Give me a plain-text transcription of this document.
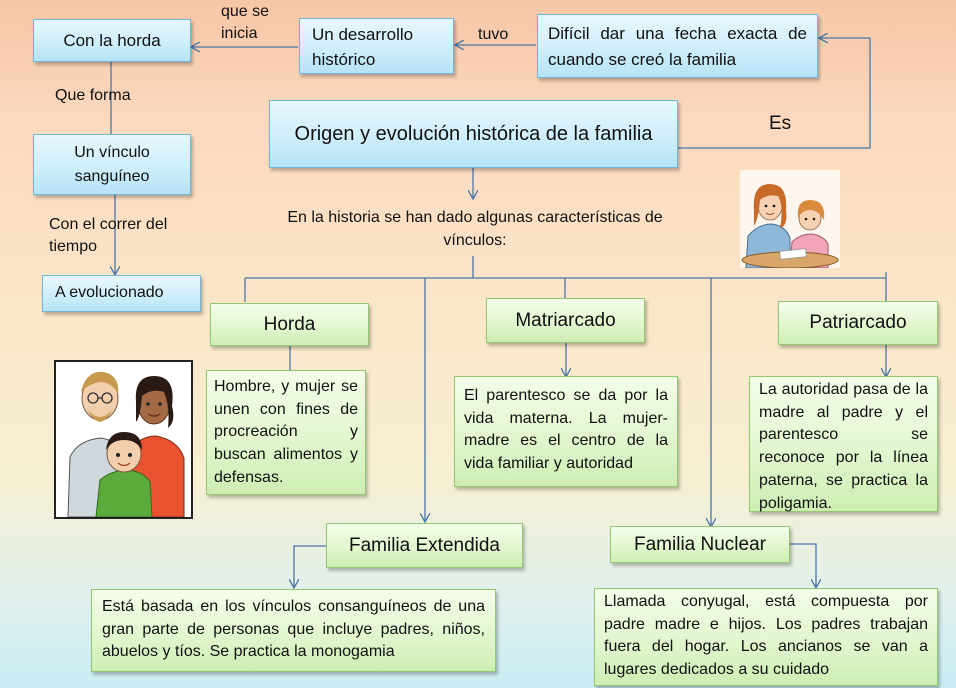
Con la horda	Un desarrollo histórico
Difícil dar una fecha exacta de cuando se creó la familia
que se inicia	tuvo
Origen y evolución histórica de la familia	Es
Que forma
Un vínculo sanguíneo
Con el correr del tiempo
A evolucionado
En la historia se han dado algunas características de vínculos:
Horda	Matriarcado	Patriarcado
Hombre, y mujer se unen con fines de procreación y buscan alimentos y defensas.
El parentesco se da por la vida materna. La mujer-madre es el centro de la vida familiar y autoridad
La autoridad pasa de la madre al padre y el parentesco se reconoce por la línea paterna, se practica la poligamia.
Familia Extendida	Familia Nuclear
Está basada en los vínculos consanguíneos de una gran parte de personas que incluye padres, niños, abuelos y tíos. Se practica la monogamia
Llamada conyugal, está compuesta por padre madre e hijos. Los padres trabajan fuera del hogar. Los ancianos se van a lugares dedicados a su cuidado
